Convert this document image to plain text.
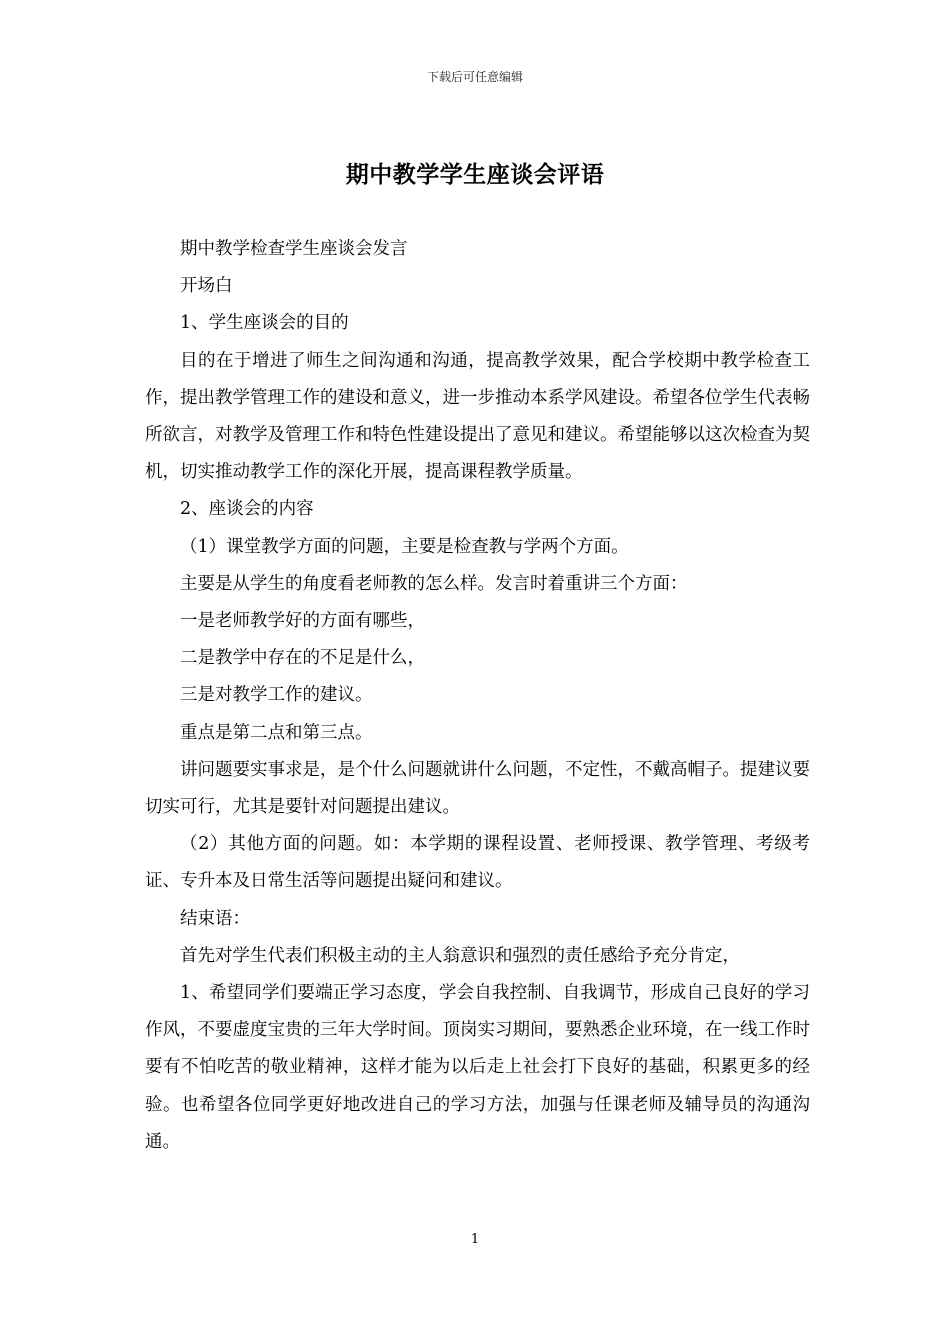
下载后可任意编辑
期中教学学生座谈会评语

期中教学检查学生座谈会发言

开场白

1、学生座谈会的目的

目的在于增进了师生之间沟通和沟通，提高教学效果，配合学校期中教学检查工作，提出教学管理工作的建设和意义，进一步推动本系学风建设。希望各位学生代表畅所欲言，对教学及管理工作和特色性建设提出了意见和建议。希望能够以这次检查为契机，切实推动教学工作的深化开展，提高课程教学质量。

2、座谈会的内容

（1）课堂教学方面的问题，主要是检查教与学两个方面。

主要是从学生的角度看老师教的怎么样。发言时着重讲三个方面：

一是老师教学好的方面有哪些，

二是教学中存在的不足是什么，

三是对教学工作的建议。

重点是第二点和第三点。

讲问题要实事求是，是个什么问题就讲什么问题，不定性，不戴高帽子。提建议要切实可行，尤其是要针对问题提出建议。

（2）其他方面的问题。如：本学期的课程设置、老师授课、教学管理、考级考证、专升本及日常生活等问题提出疑问和建议。

结束语：

首先对学生代表们积极主动的主人翁意识和强烈的责任感给予充分肯定，

1、希望同学们要端正学习态度，学会自我控制、自我调节，形成自己良好的学习作风，不要虚度宝贵的三年大学时间。顶岗实习期间，要熟悉企业环境，在一线工作时要有不怕吃苦的敬业精神，这样才能为以后走上社会打下良好的基础，积累更多的经验。也希望各位同学更好地改进自己的学习方法，加强与任课老师及辅导员的沟通沟通。

1
